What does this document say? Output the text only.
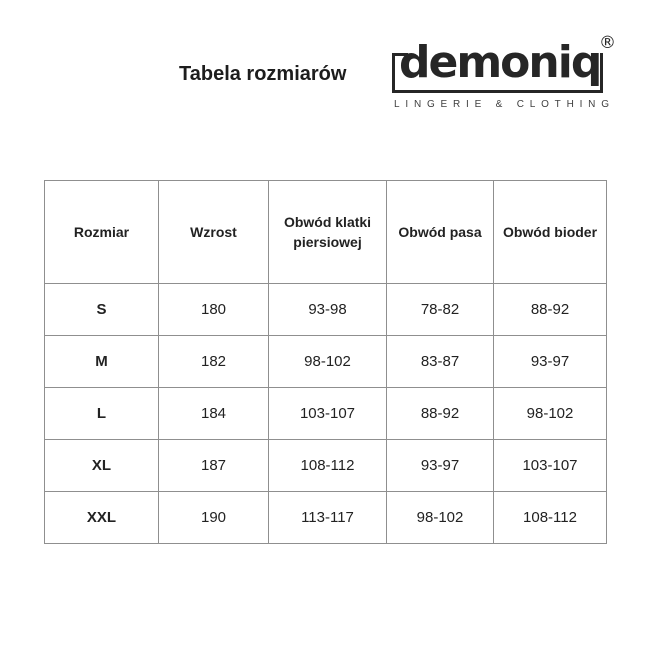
Tabela rozmiarów demoniq
®
LINGERIE & CLOTHING
Rozmiar	Wzrost	Obwód klatki piersiowej	Obwód pasa	Obwód bioder
S	180	93-98	78-82	88-92
M	182	98-102	83-87	93-97
L	184	103-107	88-92	98-102
XL	187	108-112	93-97	103-107
XXL	190	113-117	98-102	108-112
